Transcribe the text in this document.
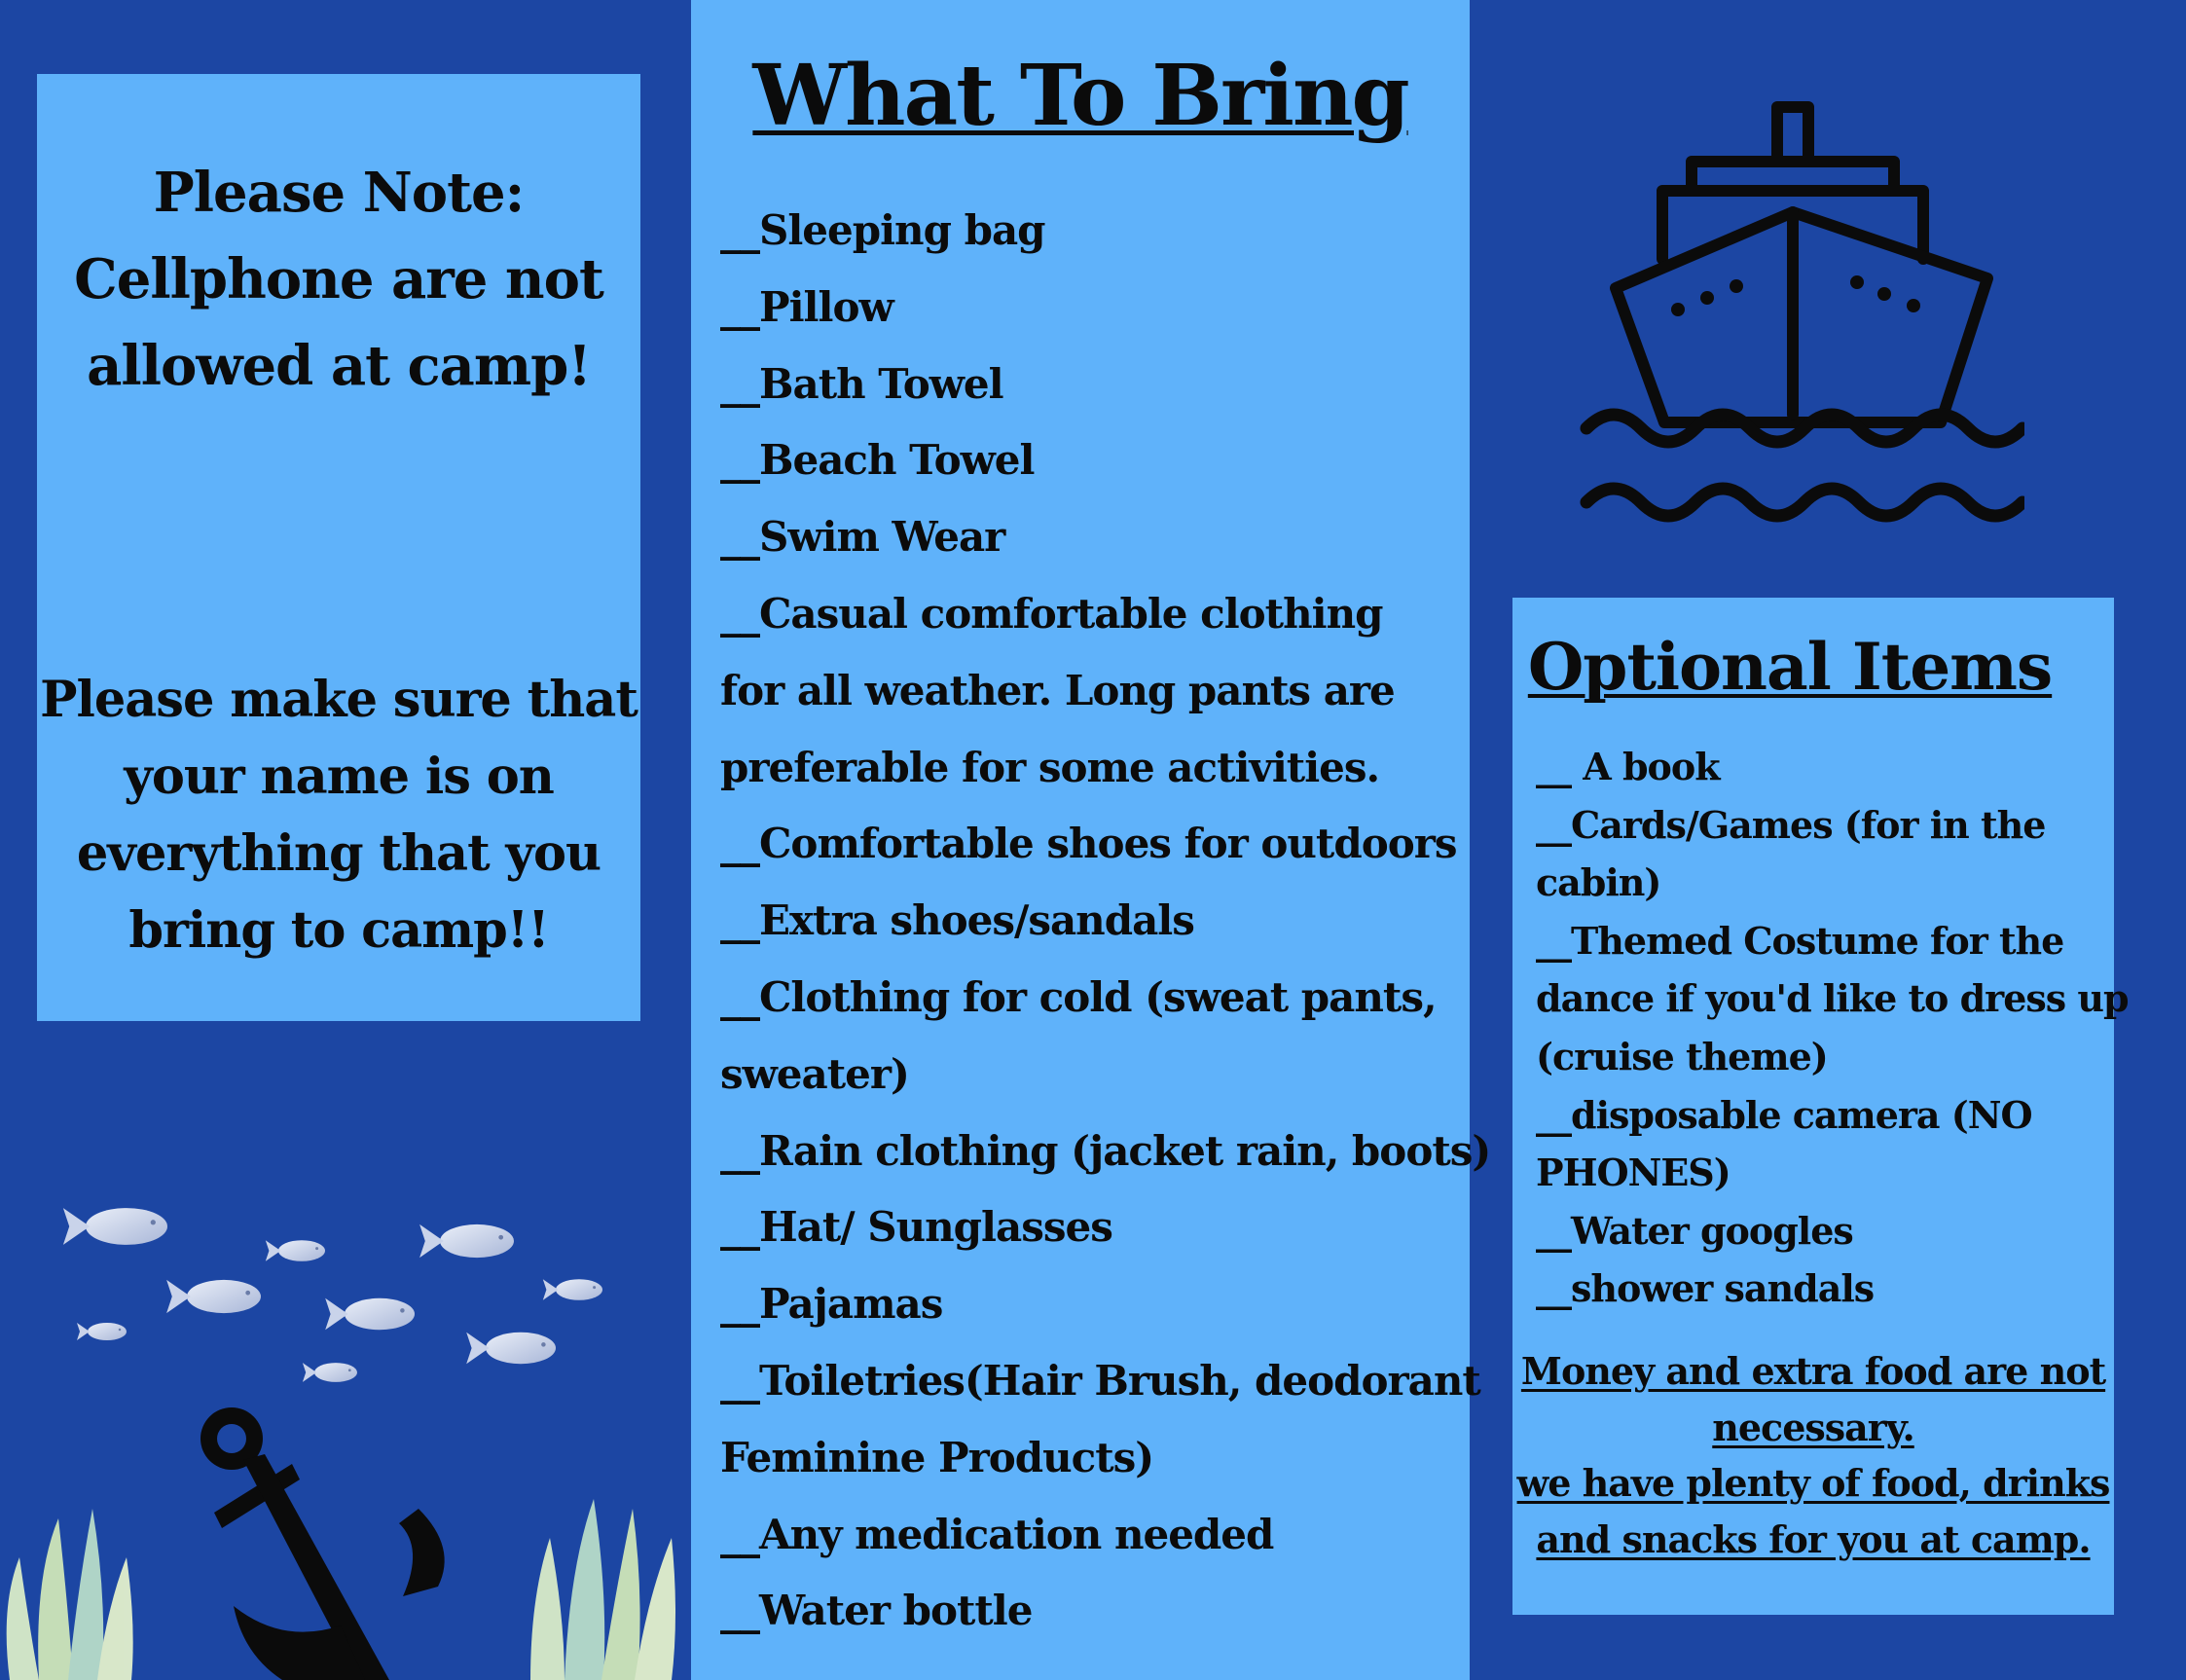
Please Note:

Cellphone are not

allowed at camp!

Please make sure that

your name is on

everything that you

bring to camp!!

What To Bring
__Sleeping bag
__Pillow
__Bath Towel
__Beach Towel
__Swim Wear
__Casual comfortable clothing
for all weather. Long pants are
preferable for some activities.
__Comfortable shoes for outdoors
__Extra shoes/sandals
__Clothing for cold (sweat pants,
sweater)
__Rain clothing (jacket rain, boots)
__Hat/ Sunglasses
__Pajamas
__Toiletries(Hair Brush, deodorant
Feminine Products)
__Any medication needed
__Water bottle
Optional Items
__ A book
__Cards/Games (for in the
cabin)
__Themed Costume for the
dance if you'd like to dress up
(cruise theme)
__disposable camera (NO
PHONES)
__Water googles
__shower sandals
Money and extra food are not
necessary.
we have plenty of food, drinks
and snacks for you at camp.
